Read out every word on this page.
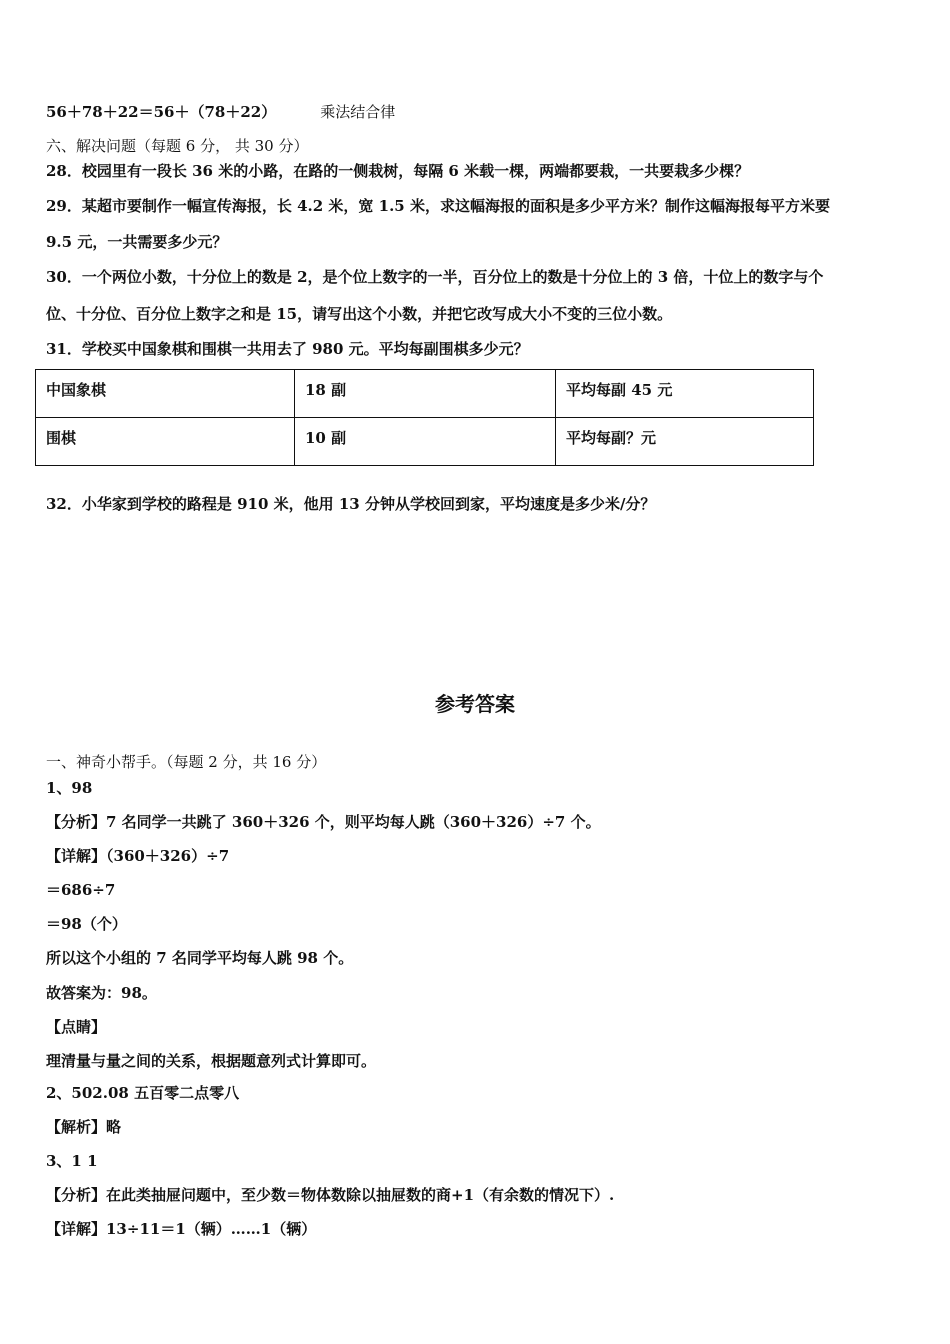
56＋78＋22＝56＋（78＋22）	乘法结合律
六、解决问题（每题 6 分， 共 30 分）
28．校园里有一段长 36 米的小路，在路的一侧栽树，每隔 6 米载一棵，两端都要栽，一共要栽多少棵？
29．某超市要制作一幅宣传海报，长 4.2 米，宽 1.5 米，求这幅海报的面积是多少平方米？制作这幅海报每平方米要
9.5 元，一共需要多少元？
30．一个两位小数，十分位上的数是 2，是个位上数字的一半，百分位上的数是十分位上的 3 倍，十位上的数字与个
位、十分位、百分位上数字之和是 15，请写出这个小数，并把它改写成大小不变的三位小数。
31．学校买中国象棋和围棋一共用去了 980 元。平均每副围棋多少元？
中国象棋	18 副	平均每副 45 元
围棋	10 副	平均每副？元
32．小华家到学校的路程是 910 米，他用 13 分钟从学校回到家，平均速度是多少米/分？
参考答案
一、神奇小帮手。（每题 2 分，共 16 分）
1、98
【分析】7 名同学一共跳了 360＋326 个，则平均每人跳（360＋326）÷7 个。
【详解】（360＋326）÷7
＝686÷7
＝98（个）
所以这个小组的 7 名同学平均每人跳 98 个。
故答案为：98。
【点睛】
理清量与量之间的关系，根据题意列式计算即可。
2、502.08 五百零二点零八
【解析】略
3、1 1
【分析】在此类抽屉问题中，至少数＝物体数除以抽屉数的商+1（有余数的情况下）.
【详解】13÷11＝1（辆）……1（辆）
